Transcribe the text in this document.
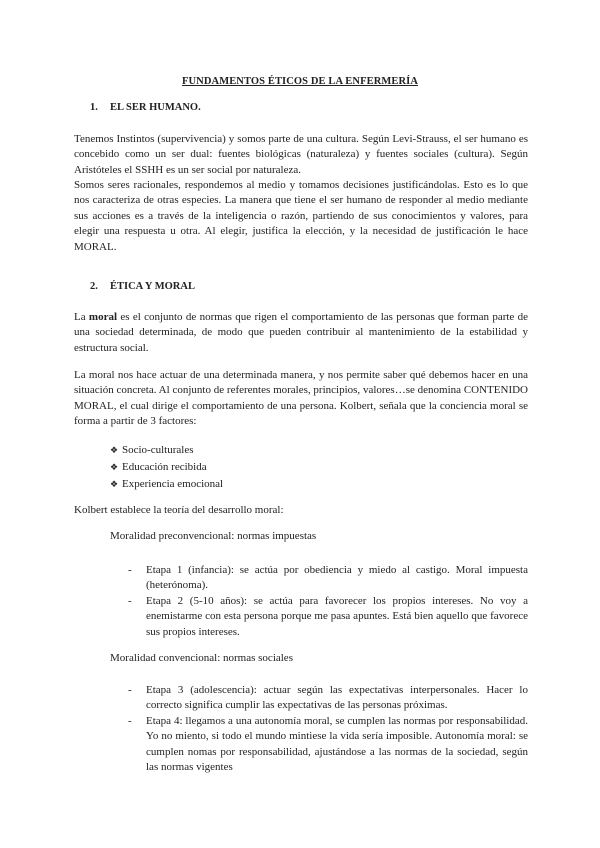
FUNDAMENTOS ÉTICOS DE LA ENFERMERÍA
1. EL SER HUMANO.

Tenemos Instintos (supervivencia) y somos parte de una cultura. Según Levi-Strauss, el ser humano es concebido como un ser dual: fuentes biológicas (naturaleza) y fuentes sociales (cultura). Según Aristóteles el SSHH es un ser social por naturaleza.

Somos seres racionales, respondemos al medio y tomamos decisiones justificándolas. Esto es lo que nos caracteriza de otras especies. La manera que tiene el ser humano de responder al medio mediante sus acciones es a través de la inteligencia o razón, partiendo de sus conocimientos y valores, para elegir una respuesta u otra. Al elegir, justifica la elección, y la necesidad de justificación le hace MORAL.

2. ÉTICA Y MORAL

La moral es el conjunto de normas que rigen el comportamiento de las personas que forman parte de una sociedad determinada, de modo que pueden contribuir al mantenimiento de la estabilidad y estructura social.

La moral nos hace actuar de una determinada manera, y nos permite saber qué debemos hacer en una situación concreta. Al conjunto de referentes morales, principios, valores…se denomina CONTENIDO MORAL, el cual dirige el comportamiento de una persona. Kolbert, señala que la conciencia moral se forma a partir de 3 factores:

❖ Socio-culturales
❖ Educación recibida
❖ Experiencia emocional

Kolbert establece la teoría del desarrollo moral:

Moralidad preconvencional: normas impuestas
- Etapa 1 (infancia): se actúa por obediencia y miedo al castigo. Moral impuesta (heterónoma).
- Etapa 2 (5-10 años): se actúa para favorecer los propios intereses. No voy a enemistarme con esta persona porque me pasa apuntes. Está bien aquello que favorece sus propios intereses.
Moralidad convencional: normas sociales
- Etapa 3 (adolescencia): actuar según las expectativas interpersonales. Hacer lo correcto significa cumplir las expectativas de las personas próximas.
- Etapa 4: llegamos a una autonomía moral, se cumplen las normas por responsabilidad. Yo no miento, si todo el mundo mintiese la vida sería imposible. Autonomía moral: se cumplen nomas por responsabilidad, ajustándose a las normas de la sociedad, según las normas vigentes
